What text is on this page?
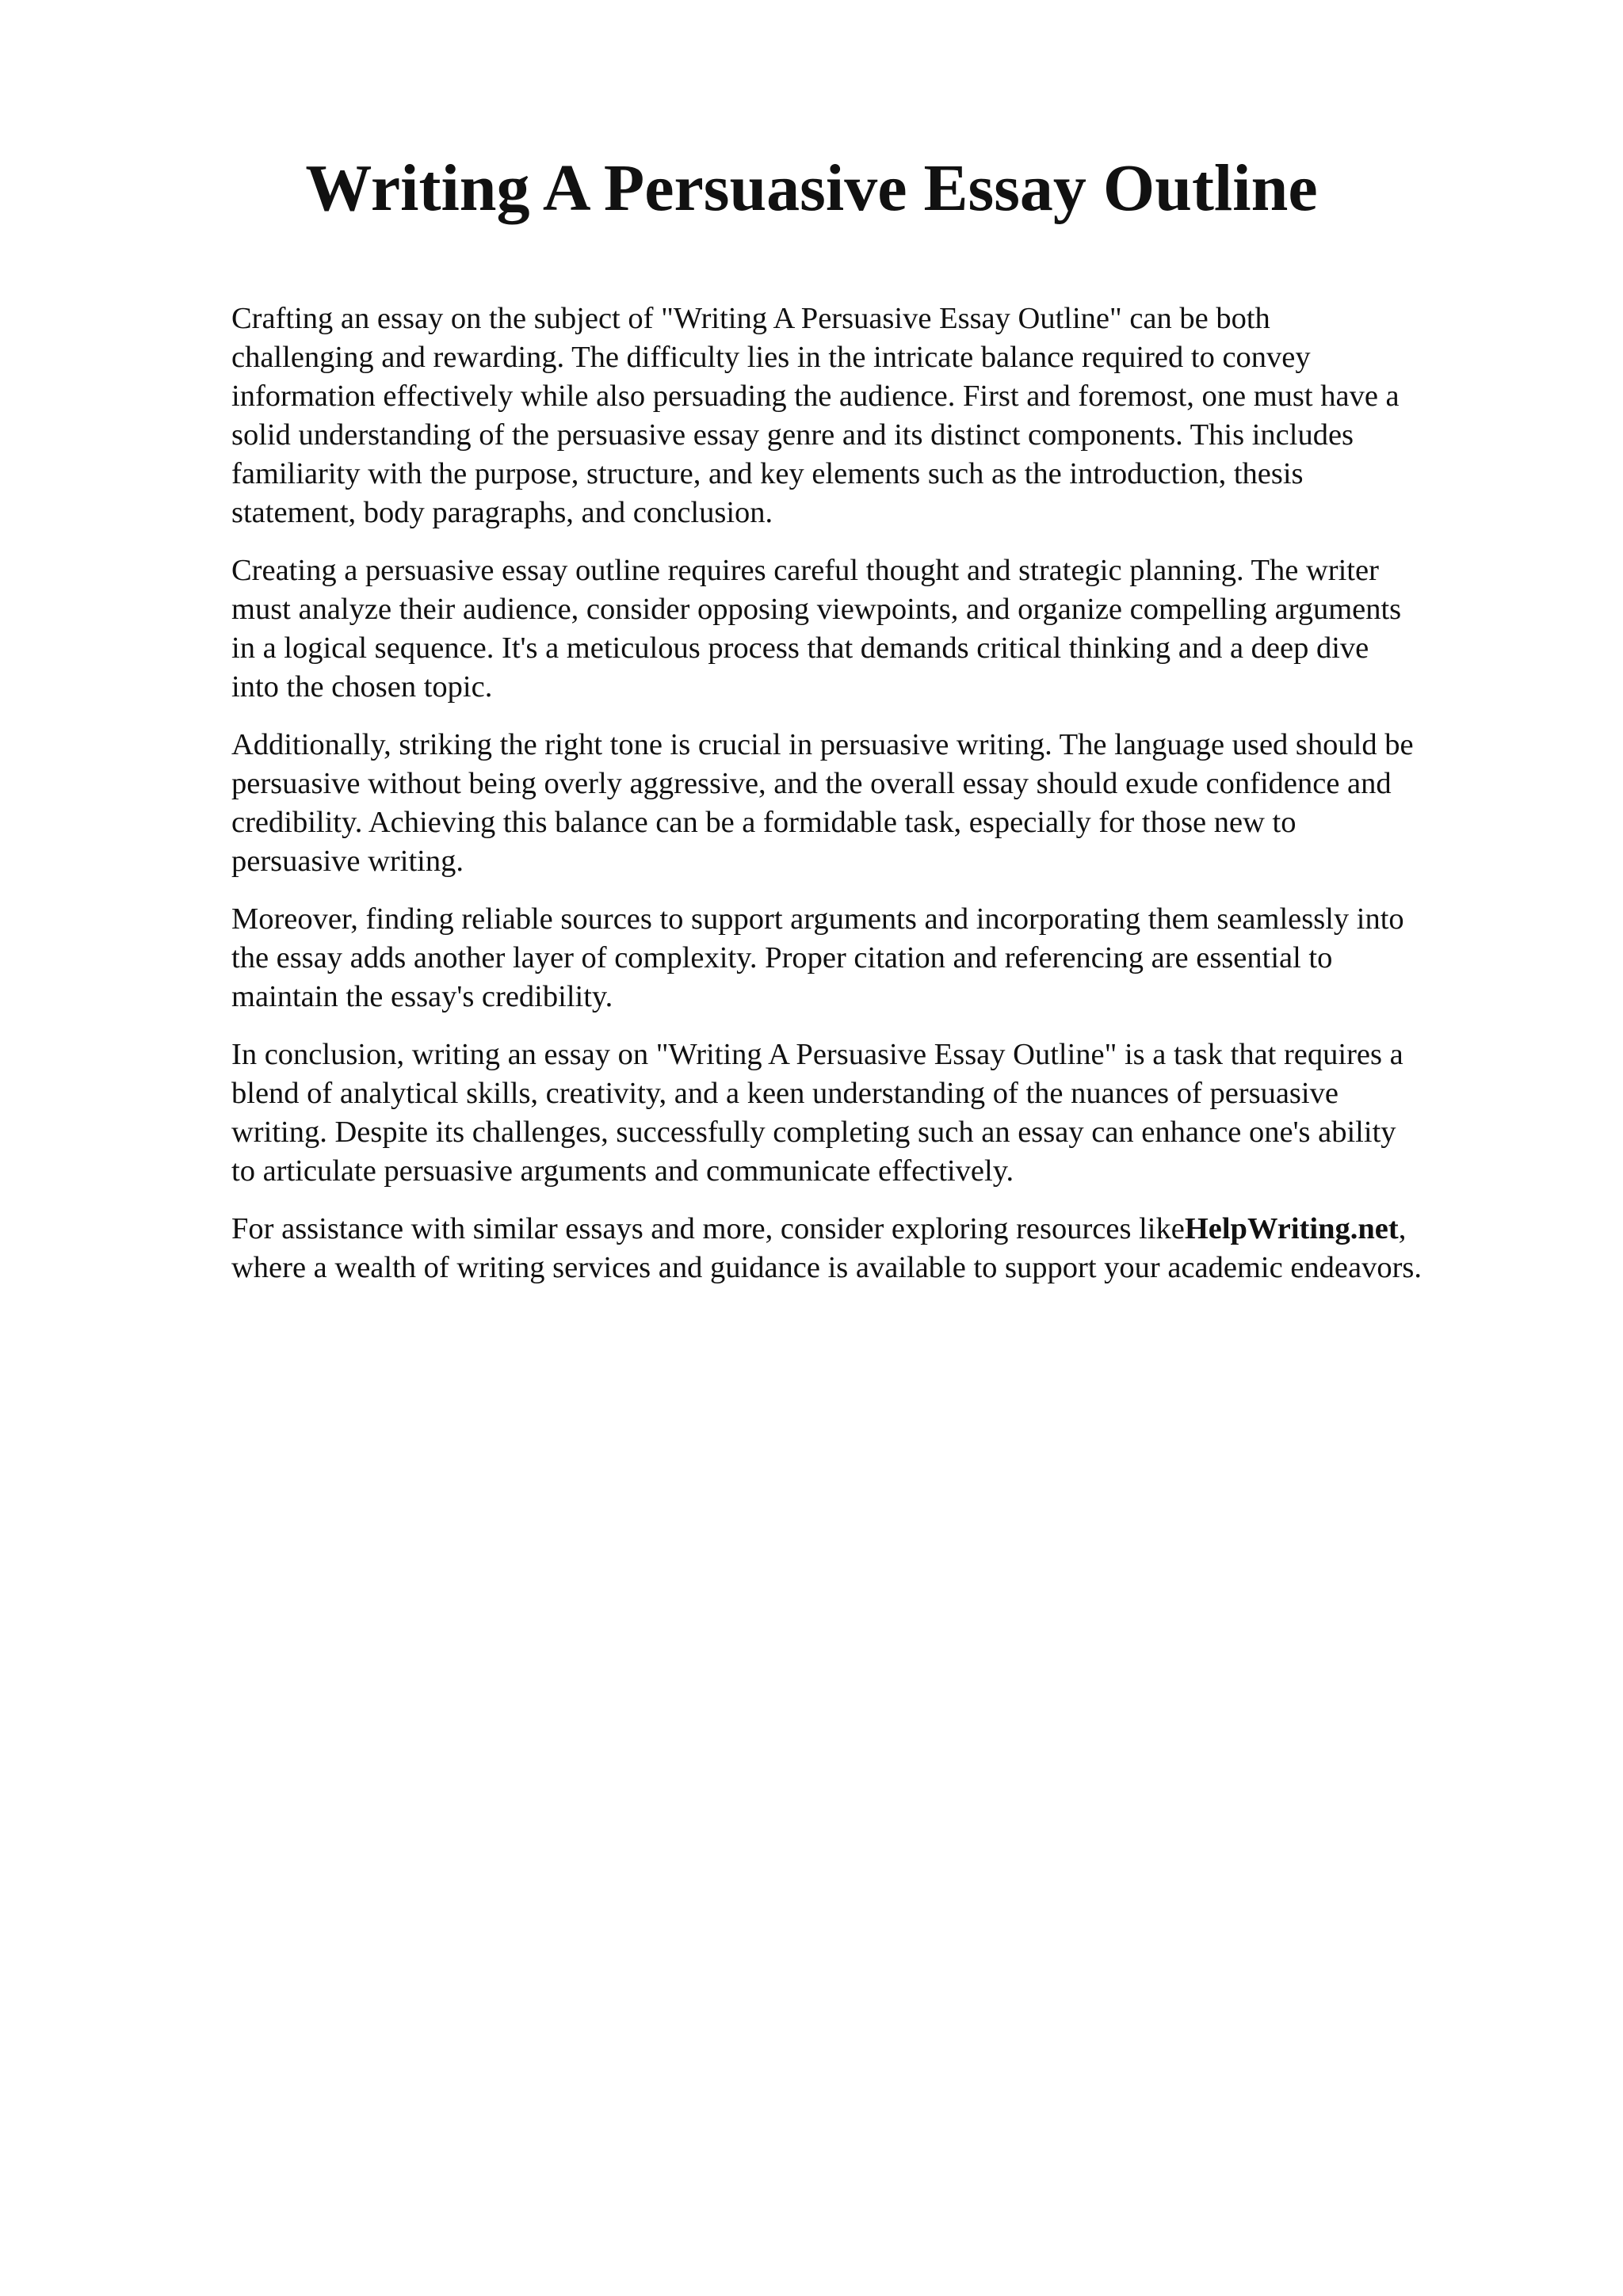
Writing A Persuasive Essay Outline

Crafting an essay on the subject of "Writing A Persuasive Essay Outline" can be both
challenging and rewarding. The difficulty lies in the intricate balance required to convey
information effectively while also persuading the audience. First and foremost, one must have a
solid understanding of the persuasive essay genre and its distinct components. This includes
familiarity with the purpose, structure, and key elements such as the introduction, thesis
statement, body paragraphs, and conclusion.

Creating a persuasive essay outline requires careful thought and strategic planning. The writer
must analyze their audience, consider opposing viewpoints, and organize compelling arguments
in a logical sequence. It's a meticulous process that demands critical thinking and a deep dive
into the chosen topic.

Additionally, striking the right tone is crucial in persuasive writing. The language used should be
persuasive without being overly aggressive, and the overall essay should exude confidence and
credibility. Achieving this balance can be a formidable task, especially for those new to
persuasive writing.

Moreover, finding reliable sources to support arguments and incorporating them seamlessly into
the essay adds another layer of complexity. Proper citation and referencing are essential to
maintain the essay's credibility.

In conclusion, writing an essay on "Writing A Persuasive Essay Outline" is a task that requires a
blend of analytical skills, creativity, and a keen understanding of the nuances of persuasive
writing. Despite its challenges, successfully completing such an essay can enhance one's ability
to articulate persuasive arguments and communicate effectively.

For assistance with similar essays and more, consider exploring resources likeHelpWriting.net,
where a wealth of writing services and guidance is available to support your academic endeavors.
